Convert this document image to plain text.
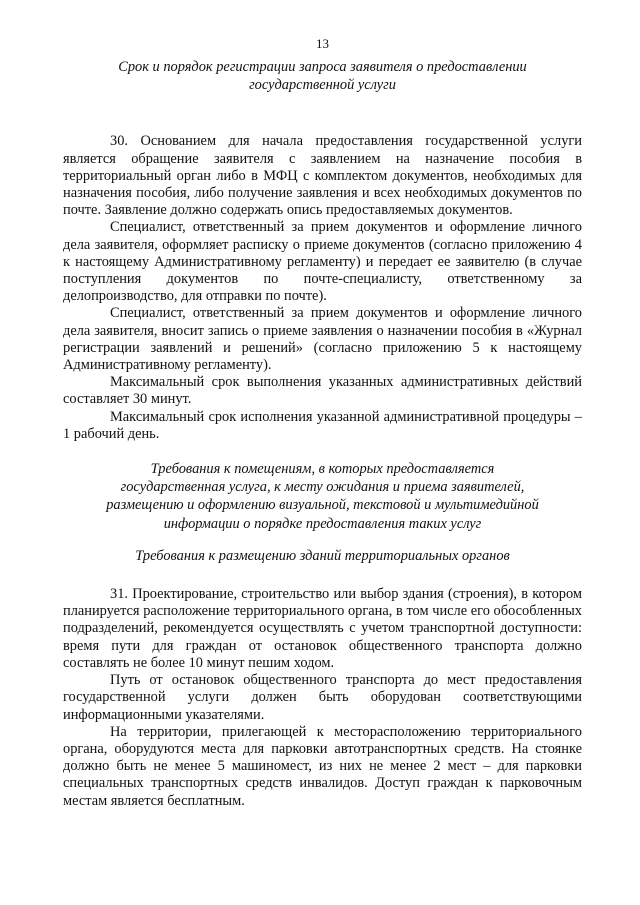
13
Срок и порядок регистрации запроса заявителя о предоставлении
государственной услуги

30. Основанием для начала предоставления государственной услуги является обращение заявителя с заявлением на назначение пособия в территориальный орган либо в МФЦ с комплектом документов, необходимых для назначения пособия, либо получение заявления и всех необходимых документов по почте. Заявление должно содержать опись предоставляемых документов.

Специалист, ответственный за прием документов и оформление личного дела заявителя, оформляет расписку о приеме документов (согласно приложению 4 к настоящему Административному регламенту) и передает ее заявителю (в случае поступления документов по почте-специалисту, ответственному за делопроизводство, для отправки по почте).

Специалист, ответственный за прием документов и оформление личного дела заявителя, вносит запись о приеме заявления о назначении пособия в «Журнал регистрации заявлений и решений» (согласно приложению 5 к настоящему Административному регламенту).

Максимальный срок выполнения указанных административных действий составляет 30 минут.

Максимальный срок исполнения указанной административной процедуры – 1 рабочий день.

Требования к помещениям, в которых предоставляется
государственная услуга, к месту ожидания и приема заявителей,
размещению и оформлению визуальной, текстовой и мультимедийной
информации о порядке предоставления таких услуг
Требования к размещению зданий территориальных органов

31. Проектирование, строительство или выбор здания (строения), в котором планируется расположение территориального органа, в том числе его обособленных подразделений, рекомендуется осуществлять с учетом транспортной доступности: время пути для граждан от остановок общественного транспорта должно составлять не более 10 минут пешим ходом.

Путь от остановок общественного транспорта до мест предоставления государственной услуги должен быть оборудован соответствующими информационными указателями.

На территории, прилегающей к месторасположению территориального органа, оборудуются места для парковки автотранспортных средств. На стоянке должно быть не менее 5 машиномест, из них не менее 2 мест – для парковки специальных транспортных средств инвалидов. Доступ граждан к парковочным местам является бесплатным.
